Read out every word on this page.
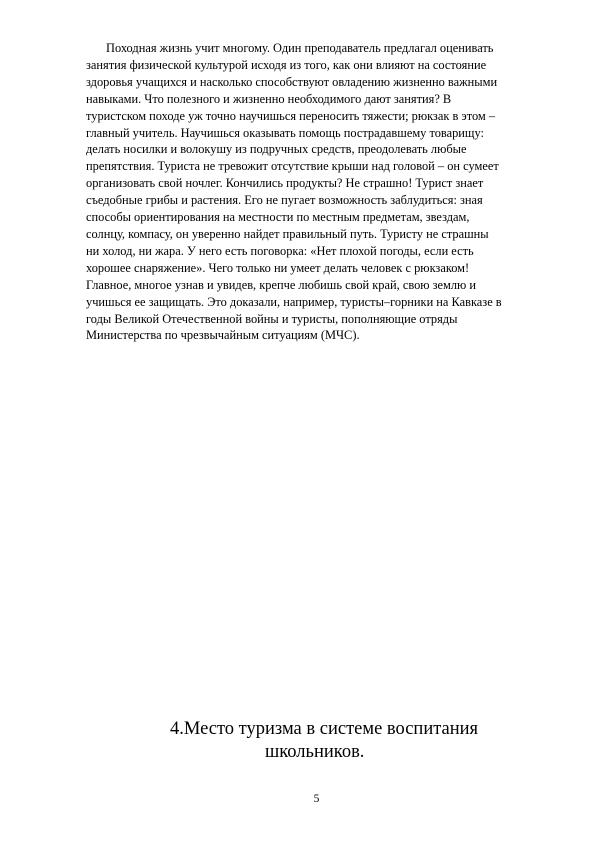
Походная жизнь учит многому. Один преподаватель предлагал оценивать
занятия физической культурой исходя из того, как они влияют на состояние
здоровья учащихся и насколько способствуют овладению жизненно важными
навыками. Что полезного и жизненно необходимого дают занятия? В
туристском походе уж точно научишься переносить тяжести; рюкзак в этом –
главный учитель. Научишься оказывать помощь пострадавшему товарищу:
делать носилки и волокушу из подручных средств, преодолевать любые
препятствия. Туриста не тревожит отсутствие крыши над головой – он сумеет
организовать свой ночлег. Кончились продукты? Не страшно! Турист знает
съедобные грибы и растения. Его не пугает возможность заблудиться: зная
способы ориентирования на местности по местным предметам, звездам,
солнцу, компасу, он уверенно найдет правильный путь. Туристу не страшны
ни холод, ни жара. У него есть поговорка: «Нет плохой погоды, если есть
хорошее снаряжение». Чего только ни умеет делать человек с рюкзаком!
Главное, многое узнав и увидев, крепче любишь свой край, свою землю и
учишься ее защищать. Это доказали, например, туристы–горники на Кавказе в
годы Великой Отечественной войны и туристы, пополняющие отряды
Министерства по чрезвычайным ситуациям (МЧС).
4.Место туризма в системе воспитания
школьников.
5
